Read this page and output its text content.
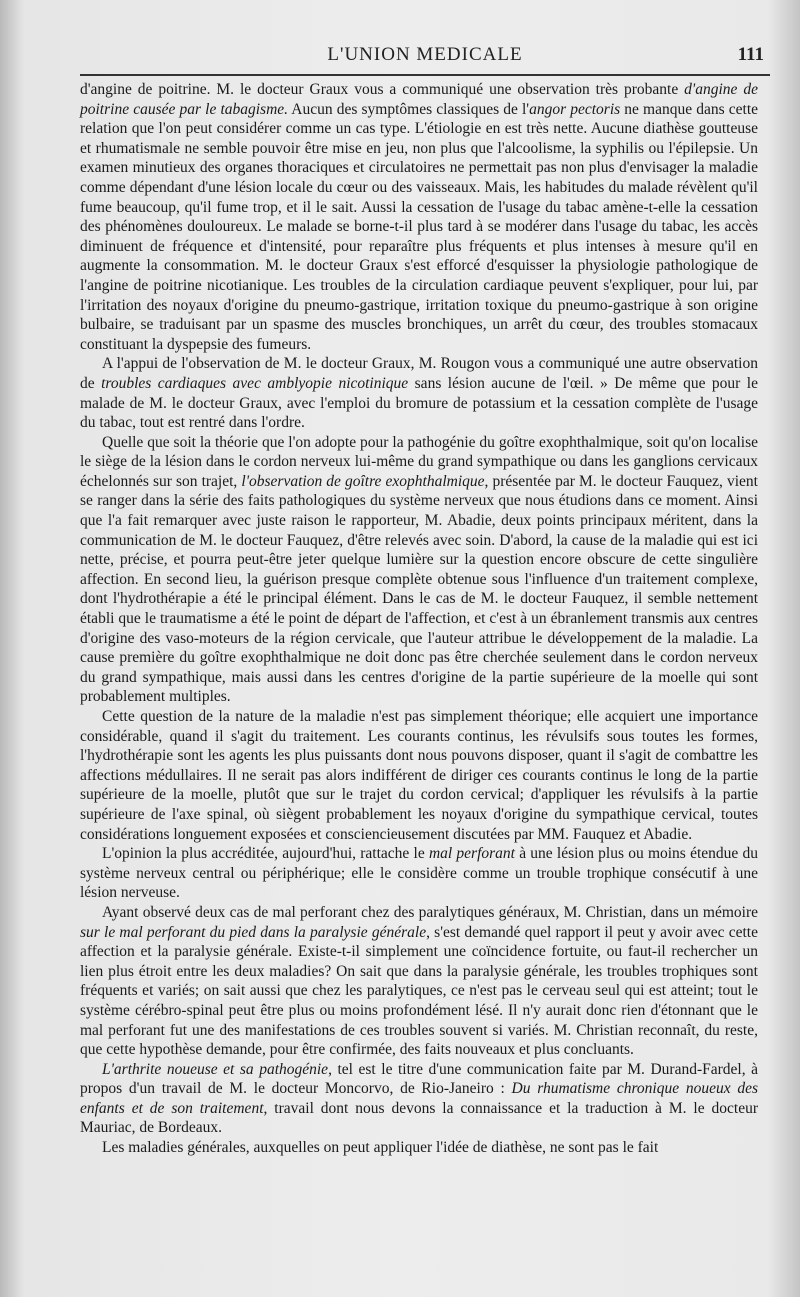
L'UNION MEDICALE	111

d'angine de poitrine. M. le docteur Graux vous a communiqué une observation très probante d'angine de poitrine causée par le tabagisme. Aucun des symptômes classiques de l'angor pectoris ne manque dans cette relation que l'on peut considérer comme un cas type. L'étiologie en est très nette. Aucune diathèse goutteuse et rhumatismale ne semble pouvoir être mise en jeu, non plus que l'alcoolisme, la syphilis ou l'épilepsie. Un examen minutieux des organes thoraciques et circulatoires ne permettait pas non plus d'envisager la maladie comme dépendant d'une lésion locale du cœur ou des vaisseaux. Mais, les habitudes du malade révèlent qu'il fume beaucoup, qu'il fume trop, et il le sait. Aussi la cessation de l'usage du tabac amène-t-elle la cessation des phénomènes douloureux. Le malade se borne-t-il plus tard à se modérer dans l'usage du tabac, les accès diminuent de fréquence et d'intensité, pour reparaître plus fréquents et plus intenses à mesure qu'il en augmente la consommation. M. le docteur Graux s'est efforcé d'esquisser la physiologie pathologique de l'angine de poitrine nicotianique. Les troubles de la circulation cardiaque peuvent s'expliquer, pour lui, par l'irritation des noyaux d'origine du pneumo-gastrique, irritation toxique du pneumo-gastrique à son origine bulbaire, se traduisant par un spasme des muscles bronchiques, un arrêt du cœur, des troubles stomacaux constituant la dyspepsie des fumeurs.

A l'appui de l'observation de M. le docteur Graux, M. Rougon vous a communiqué une autre observation de troubles cardiaques avec amblyopie nicotinique sans lésion aucune de l'œil. » De même que pour le malade de M. le docteur Graux, avec l'emploi du bromure de potassium et la cessation complète de l'usage du tabac, tout est rentré dans l'ordre.

Quelle que soit la théorie que l'on adopte pour la pathogénie du goître exophthalmique, soit qu'on localise le siège de la lésion dans le cordon nerveux lui-même du grand sympathique ou dans les ganglions cervicaux échelonnés sur son trajet, l'observation de goître exophthalmique, présentée par M. le docteur Fauquez, vient se ranger dans la série des faits pathologiques du système nerveux que nous étudions dans ce moment. Ainsi que l'a fait remarquer avec juste raison le rapporteur, M. Abadie, deux points principaux méritent, dans la communication de M. le docteur Fauquez, d'être relevés avec soin. D'abord, la cause de la maladie qui est ici nette, précise, et pourra peut-être jeter quelque lumière sur la question encore obscure de cette singulière affection. En second lieu, la guérison presque complète obtenue sous l'influence d'un traitement complexe, dont l'hydrothérapie a été le principal élément. Dans le cas de M. le docteur Fauquez, il semble nettement établi que le traumatisme a été le point de départ de l'affection, et c'est à un ébranlement transmis aux centres d'origine des vaso-moteurs de la région cervicale, que l'auteur attribue le développement de la maladie. La cause première du goître exophthalmique ne doit donc pas être cherchée seulement dans le cordon nerveux du grand sympathique, mais aussi dans les centres d'origine de la partie supérieure de la moelle qui sont probablement multiples.

Cette question de la nature de la maladie n'est pas simplement théorique; elle acquiert une importance considérable, quand il s'agit du traitement. Les courants continus, les révulsifs sous toutes les formes, l'hydrothérapie sont les agents les plus puissants dont nous pouvons disposer, quant il s'agit de combattre les affections médullaires. Il ne serait pas alors indifférent de diriger ces courants continus le long de la partie supérieure de la moelle, plutôt que sur le trajet du cordon cervical; d'appliquer les révulsifs à la partie supérieure de l'axe spinal, où siègent probablement les noyaux d'origine du sympathique cervical, toutes considérations longuement exposées et consciencieusement discutées par MM. Fauquez et Abadie.

L'opinion la plus accréditée, aujourd'hui, rattache le mal perforant à une lésion plus ou moins étendue du système nerveux central ou périphérique; elle le considère comme un trouble trophique consécutif à une lésion nerveuse.

Ayant observé deux cas de mal perforant chez des paralytiques généraux, M. Christian, dans un mémoire sur le mal perforant du pied dans la paralysie générale, s'est demandé quel rapport il peut y avoir avec cette affection et la paralysie générale. Existe-t-il simplement une coïncidence fortuite, ou faut-il rechercher un lien plus étroit entre les deux maladies? On sait que dans la paralysie générale, les troubles trophiques sont fréquents et variés; on sait aussi que chez les paralytiques, ce n'est pas le cerveau seul qui est atteint; tout le système cérébro-spinal peut être plus ou moins profondément lésé. Il n'y aurait donc rien d'étonnant que le mal perforant fut une des manifestations de ces troubles souvent si variés. M. Christian reconnaît, du reste, que cette hypothèse demande, pour être confirmée, des faits nouveaux et plus concluants.

L'arthrite noueuse et sa pathogénie, tel est le titre d'une communication faite par M. Durand-Fardel, à propos d'un travail de M. le docteur Moncorvo, de Rio-Janeiro : Du rhumatisme chronique noueux des enfants et de son traitement, travail dont nous devons la connaissance et la traduction à M. le docteur Mauriac, de Bordeaux.

Les maladies générales, auxquelles on peut appliquer l'idée de diathèse, ne sont pas le fait
